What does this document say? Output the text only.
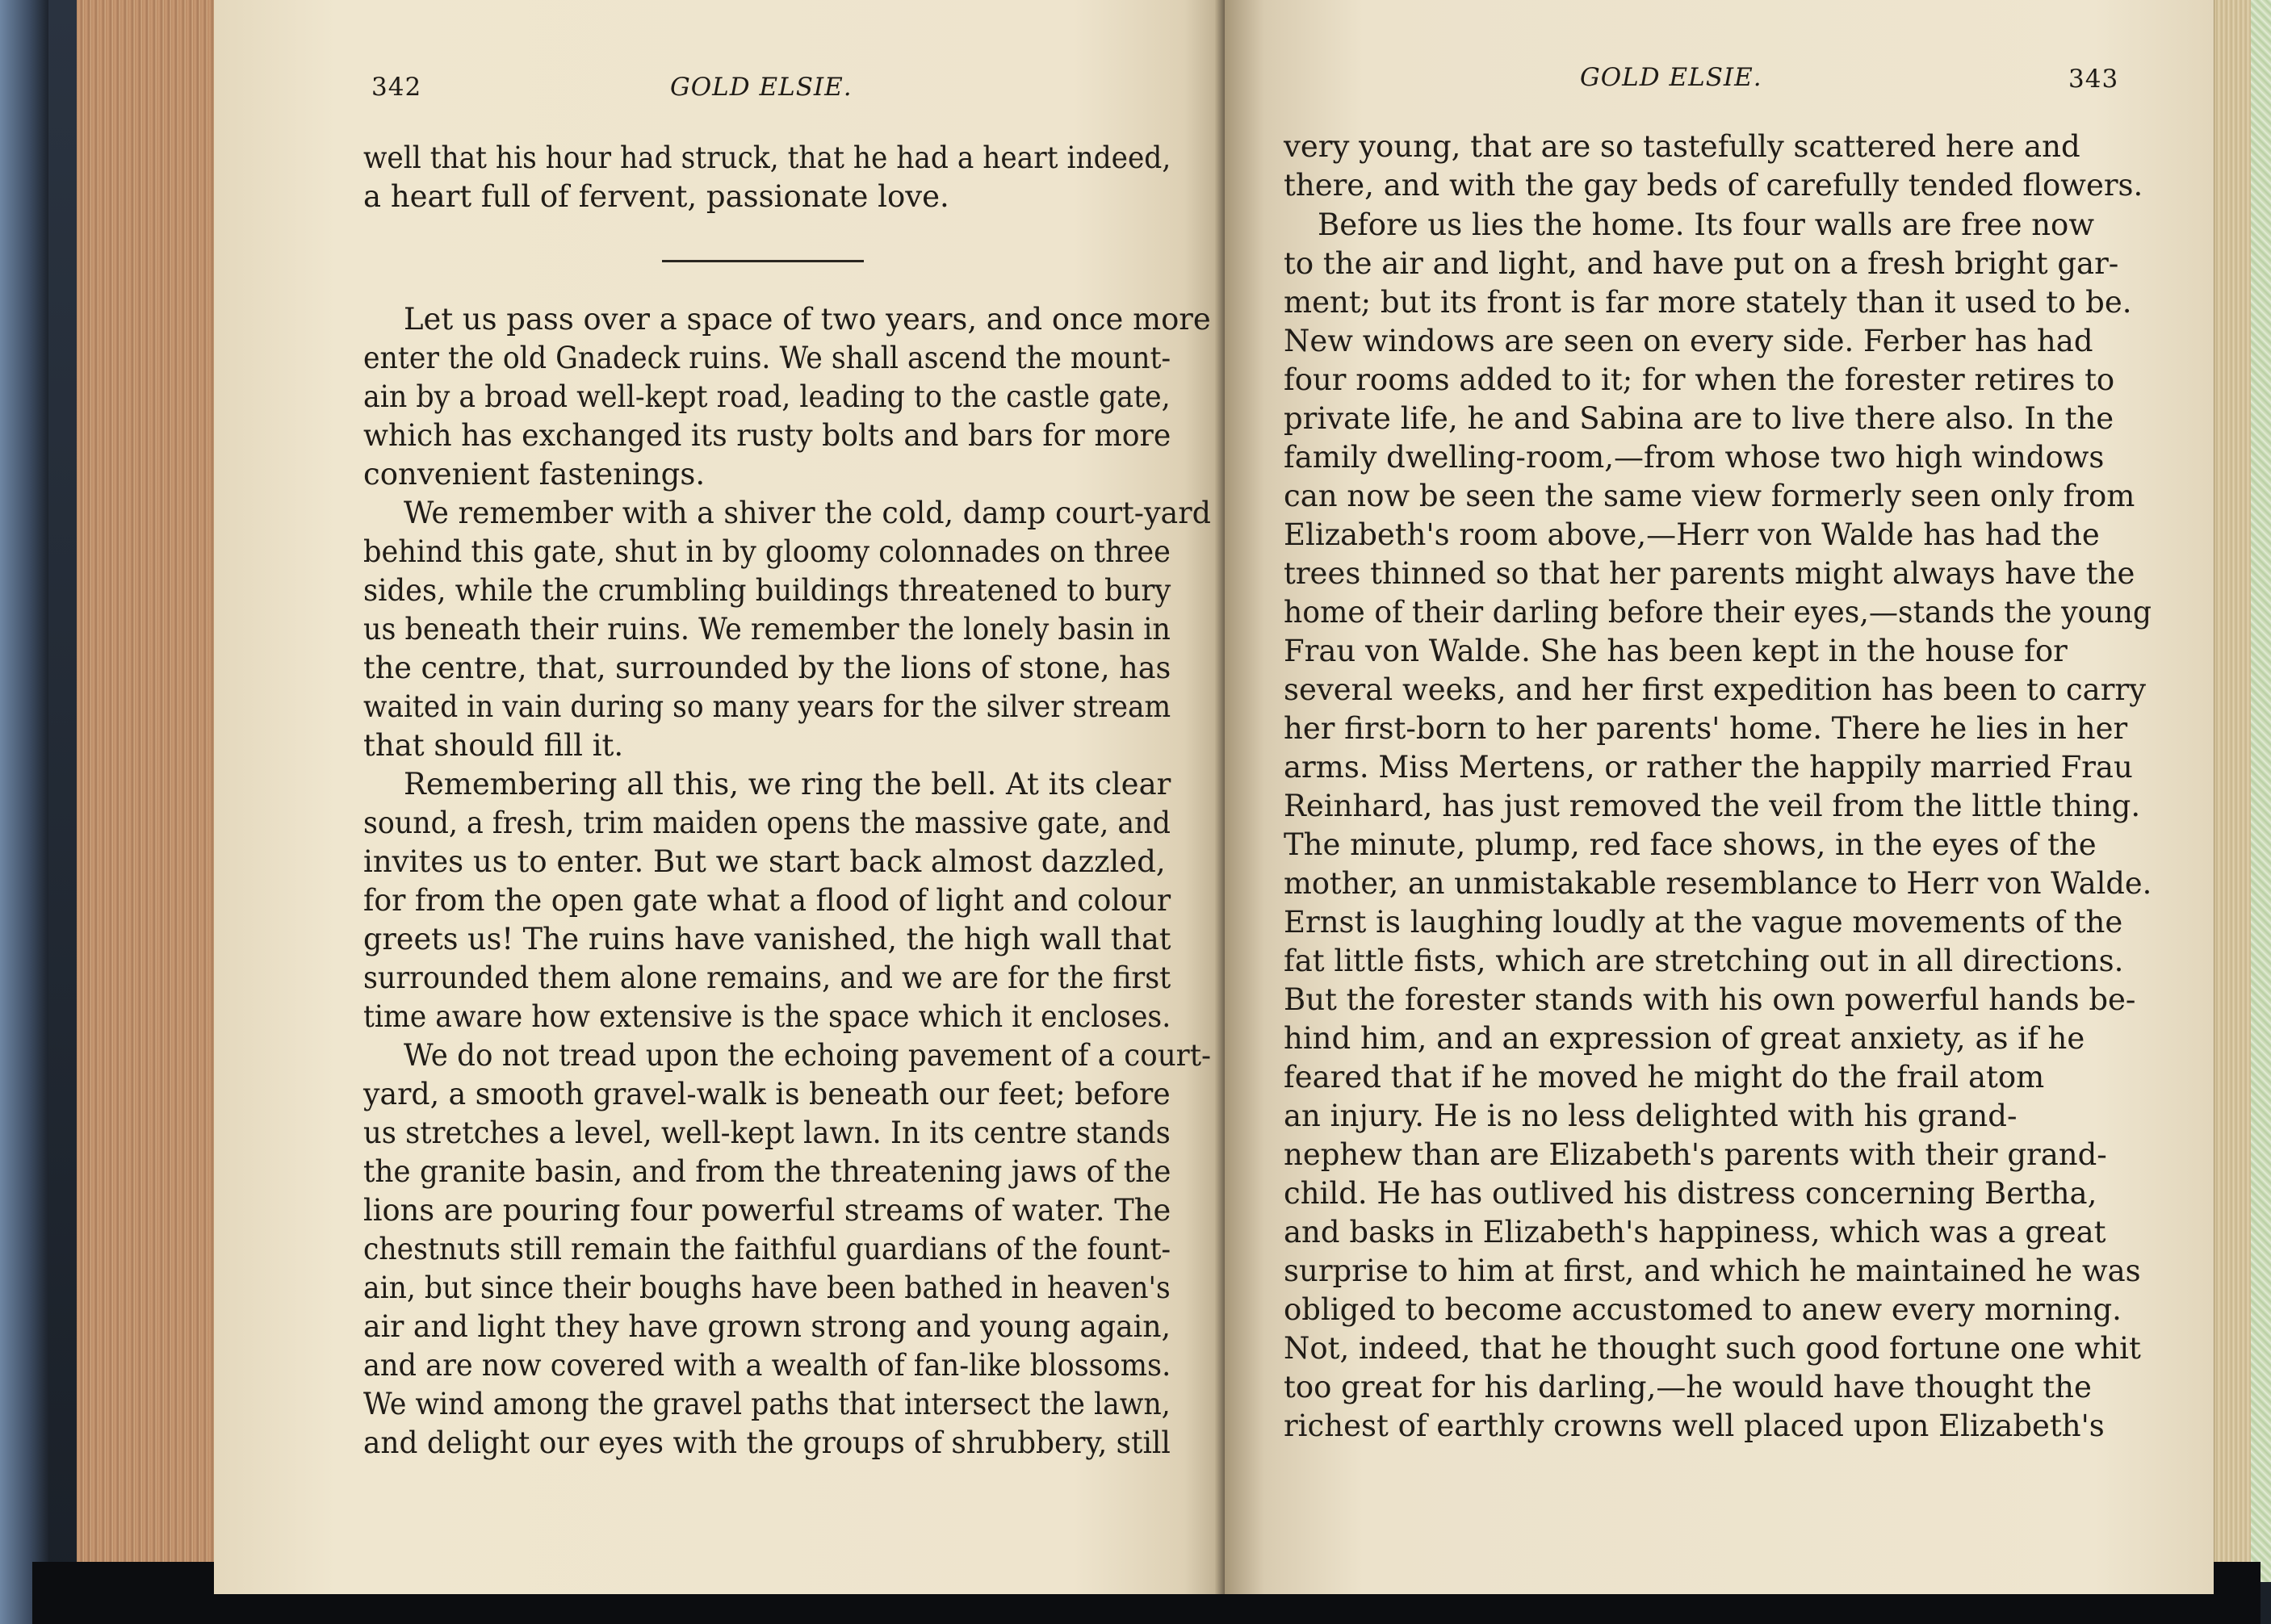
342	GOLD ELSIE.
well that his hour had struck, that he had a heart indeed,
a heart full of fervent, passionate love.
Let us pass over a space of two years, and once more
enter the old Gnadeck ruins. We shall ascend the mount-
ain by a broad well-kept road, leading to the castle gate,
which has exchanged its rusty bolts and bars for more
convenient fastenings.
We remember with a shiver the cold, damp court-yard
behind this gate, shut in by gloomy colonnades on three
sides, while the crumbling buildings threatened to bury
us beneath their ruins. We remember the lonely basin in
the centre, that, surrounded by the lions of stone, has
waited in vain during so many years for the silver stream
that should fill it.
Remembering all this, we ring the bell. At its clear
sound, a fresh, trim maiden opens the massive gate, and
invites us to enter. But we start back almost dazzled,
for from the open gate what a flood of light and colour
greets us! The ruins have vanished, the high wall that
surrounded them alone remains, and we are for the first
time aware how extensive is the space which it encloses.
We do not tread upon the echoing pavement of a court-
yard, a smooth gravel-walk is beneath our feet; before
us stretches a level, well-kept lawn. In its centre stands
the granite basin, and from the threatening jaws of the
lions are pouring four powerful streams of water. The
chestnuts still remain the faithful guardians of the fount-
ain, but since their boughs have been bathed in heaven's
air and light they have grown strong and young again,
and are now covered with a wealth of fan-like blossoms.
We wind among the gravel paths that intersect the lawn,
and delight our eyes with the groups of shrubbery, still
GOLD ELSIE.	343
very young, that are so tastefully scattered here and
there, and with the gay beds of carefully tended flowers.
Before us lies the home. Its four walls are free now
to the air and light, and have put on a fresh bright gar-
ment; but its front is far more stately than it used to be.
New windows are seen on every side. Ferber has had
four rooms added to it; for when the forester retires to
private life, he and Sabina are to live there also. In the
family dwelling-room,—from whose two high windows
can now be seen the same view formerly seen only from
Elizabeth's room above,—Herr von Walde has had the
trees thinned so that her parents might always have the
home of their darling before their eyes,—stands the young
Frau von Walde. She has been kept in the house for
several weeks, and her first expedition has been to carry
her first-born to her parents' home. There he lies in her
arms. Miss Mertens, or rather the happily married Frau
Reinhard, has just removed the veil from the little thing.
The minute, plump, red face shows, in the eyes of the
mother, an unmistakable resemblance to Herr von Walde.
Ernst is laughing loudly at the vague movements of the
fat little fists, which are stretching out in all directions.
But the forester stands with his own powerful hands be-
hind him, and an expression of great anxiety, as if he
feared that if he moved he might do the frail atom
an injury. He is no less delighted with his grand-
nephew than are Elizabeth's parents with their grand-
child. He has outlived his distress concerning Bertha,
and basks in Elizabeth's happiness, which was a great
surprise to him at first, and which he maintained he was
obliged to become accustomed to anew every morning.
Not, indeed, that he thought such good fortune one whit
too great for his darling,—he would have thought the
richest of earthly crowns well placed upon Elizabeth's
